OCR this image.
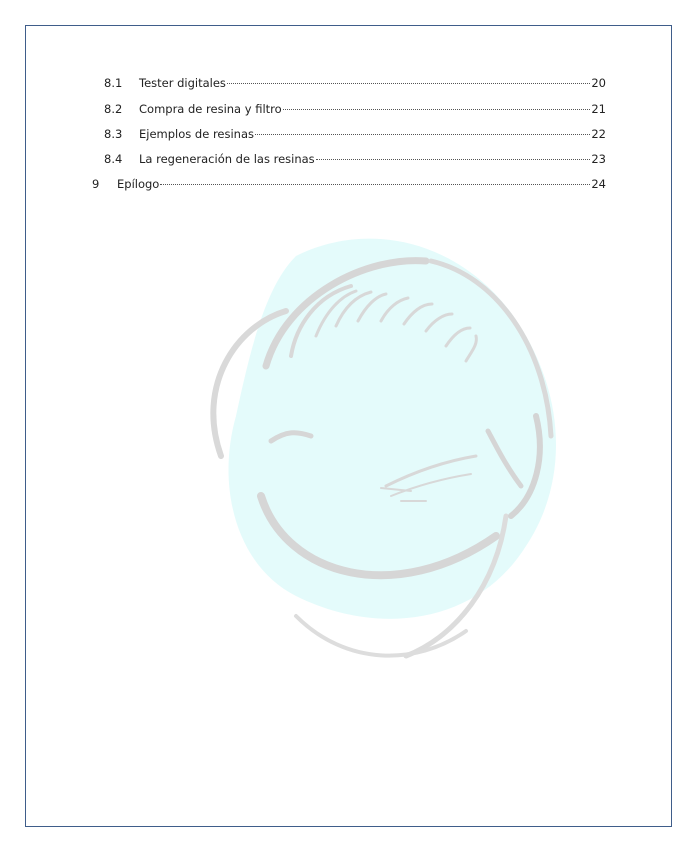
8.1	Tester digitales	20
8.2	Compra de resina y filtro	21
8.3	Ejemplos de resinas	22
8.4	La regeneración de las resinas	23
9	Epílogo	24
